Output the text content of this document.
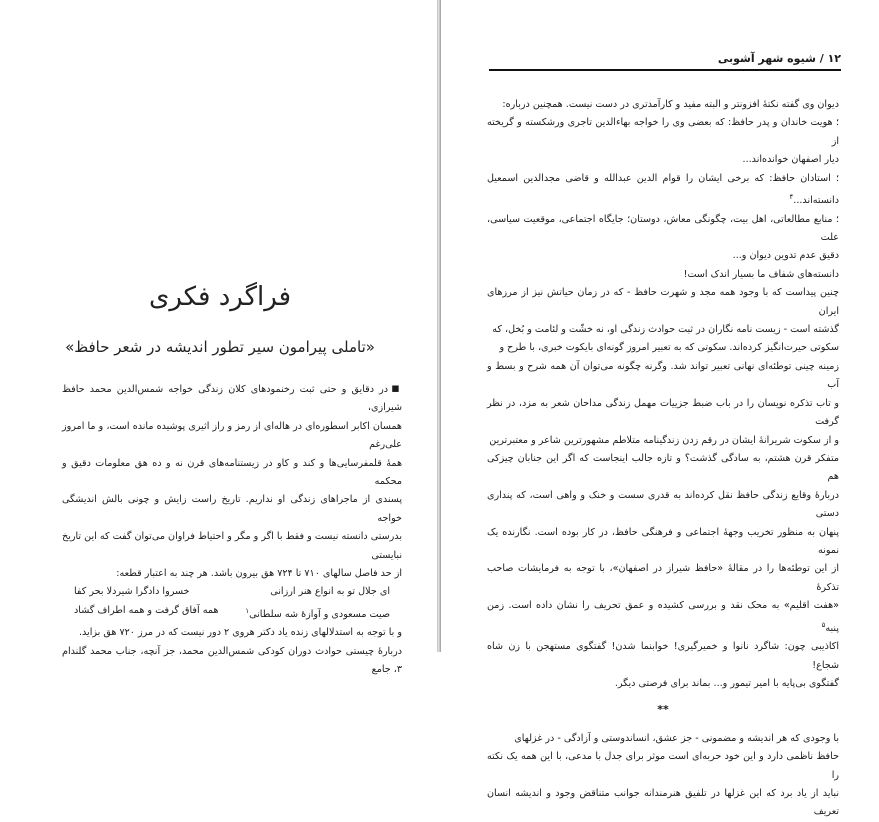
فراگرد فکری
«تاملی پیرامون سیر تطور اندیشه در شعر حافظ»

▪در دقایق و حتی ثبت رخنمودهای کلان زندگی خواجه شمس‌الدین محمد حافظ شیرازی،

همسان اکابر اسطوره‌ای در هاله‌ای از رمز و راز اثیری پوشیده مانده است، و ما امروز علی‌رغم

همهٔ قلمفرسایی‌ها و کند و کاو در زیستنامه‌های قرن نه و ده هق معلومات دقیق و محکمه

پسندی از ماجراهای زندگی او نداریم. تاریخ راست زایش و چونی بالش اندیشگی خواجه

بدرستی دانسته نیست و فقط با اگر و مگر و احتیاط فراوان می‌توان گفت که این تاریخ نبایستی

از حد فاصل سالهای ۷۱۰ تا ۷۲۴ هق بیرون باشد. هر چند به اعتبار قطعه:

ای جلال تو به انواع هنر ارزانی
خسروا دادگرا شیردلا بحر کفا
صیت مسعودی و آوازهٔ شه سلطانی$^۱$
همه آفاق گرفت و همه اطراف گشاد

و با توجه به استدلالهای زنده یاد دکتر هروی ۲ دور نیست که در مرز ۷۲۰ هق بزاید.

دربارهٔ چیستی حوادث دوران کودکی شمس‌الدین محمد، جز آنچه، جناب محمد گلندام ۳، جامع

۱۲ / شیوه شهر آشوبی

دیوان وی گفته نکتهٔ افزونتر و البته مفید و کارآمدتری در دست نیست. همچنین درباره:

؛ هویت خاندان و پدر حافظ: که بعضی وی را خواجه بهاءالدین تاجری ورشکسته و گریخته از

دیار اصفهان خوانده‌اند...

؛ استادان حافظ: که برخی ایشان را قوام الدین عبدالله و قاضی مجدالدین اسمعیل دانسته‌اند...$^۴$

؛ منابع مطالعاتی، اهل بیت، چگونگی معاش، دوستان؛ جایگاه اجتماعی، موقعیت سیاسی، علت

دقیق عدم تدوین دیوان و...

دانسته‌های شفاف ما بسیار اندک است!

چنین پیداست که با وجود همه مجد و شهرت حافظ - که در زمان حیاتش نیز از مرزهای ایران

گذشته است - زیست نامه نگاران در ثبت حوادث زندگی او، نه خشّت و لئامت و بُخل، که

سکوتی حیرت‌انگیز کرده‌اند. سکوتی که به تعبیر امروز گونه‌ای بایکوت خبری، با طرح و

زمینه چینی توطئه‌ای نهانی تعبیر تواند شد. وگرنه چگونه می‌توان آن همه شرح و بسط و آب

و تاب تذکره نویسان را در باب ضبط جزییات مهمل زندگی مداحان شعر به مزد، در نظر گرفت

و از سکوت شریرانهٔ ایشان در رقم زدن زندگینامه متلاطم مشهورترین شاعر و معتبرترین

متفکر قرن هشتم، به سادگی گذشت؟ و تازه جالب اینجاست که اگر این جنابان چیزکی هم

دربارهٔ وقایع زندگی حافظ نقل کرده‌اند به قدری سست و خنک و واهی است، که پنداری دستی

پنهان به منظور تخریب وجههٔ اجتماعی و فرهنگی حافظ، در کار بوده است. نگارنده یک نمونه

از این توطئه‌ها را در مقالهٔ «حافظ شیراز در اصفهان»، با توجه به فرمایشات صاحب تذکرهٔ

«هفت اقلیم» به محک نقد و بررسی کشیده و عمق تحریف را نشان داده است. زمن پنبه$^۵$

اکاذیبی چون: شاگرد نانوا و خمیرگیری! خوابنما شدن! گفتگوی مستهجن با زن شاه شجاع!

گفتگوی بی‌پایه با امیر تیمور و... بماند برای فرصتی دیگر.

**

با وجودی که هر اندیشه و مضمونی - جز عشق، انساندوستی و آزادگی - در غزلهای

حافظ ناظمی دارد و این خود حربه‌ای است موثر برای جدل با مدعی، با این همه یک نکته را

نباید از یاد برد که این غزلها در تلفیق هنرمندانه جوانب متناقض وجود و اندیشه انسان تعریف
